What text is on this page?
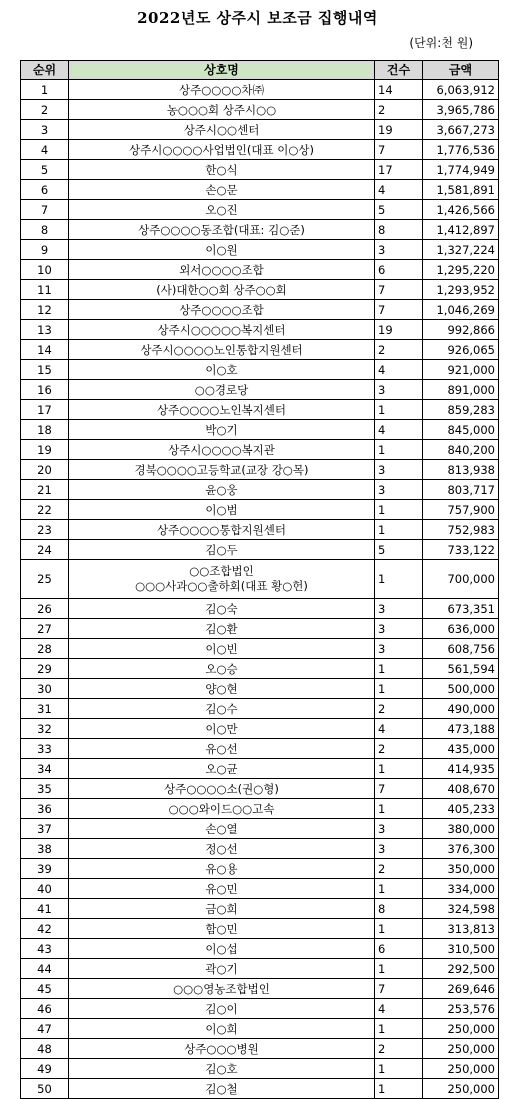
2022년도 상주시 보조금 집행내역
(단위:천 원)
순위	상호명	건수	금액
1	상주○○○○차㈜	14	6,063,912
2	농○○○회 상주시○○	2	3,965,786
3	상주시○○센터	19	3,667,273
4	상주시○○○○사업법인(대표 이○상)	7	1,776,536
5	한○식	17	1,774,949
6	손○문	4	1,581,891
7	오○진	5	1,426,566
8	상주○○○○동조합(대표: 김○준)	8	1,412,897
9	이○원	3	1,327,224
10	외서○○○○조합	6	1,295,220
11	(사)대한○○회 상주○○회	7	1,293,952
12	상주○○○○조합	7	1,046,269
13	상주시○○○○○복지센터	19	992,866
14	상주시○○○○노인통합지원센터	2	926,065
15	이○호	4	921,000
16	○○경로당	3	891,000
17	상주○○○○노인복지센터	1	859,283
18	박○기	4	845,000
19	상주시○○○○복지관	1	840,200
20	경북○○○○고등학교(교장 강○목)	3	813,938
21	윤○웅	3	803,717
22	이○범	1	757,900
23	상주○○○○통합지원센터	1	752,983
24	김○두	5	733,122
25	○○조합법인
○○○사과○○출하회(대표 황○헌)	1	700,000
26	김○숙	3	673,351
27	김○환	3	636,000
28	이○빈	3	608,756
29	오○승	1	561,594
30	양○현	1	500,000
31	김○수	2	490,000
32	이○만	4	473,188
33	유○선	2	435,000
34	오○균	1	414,935
35	상주○○○○소(권○형)	7	408,670
36	○○○와이드○○고속	1	405,233
37	손○열	3	380,000
38	정○선	3	376,300
39	유○용	2	350,000
40	유○민	1	334,000
41	금○희	8	324,598
42	함○민	1	313,813
43	이○섭	6	310,500
44	곽○기	1	292,500
45	○○○영농조합법인	7	269,646
46	김○이	4	253,576
47	이○희	1	250,000
48	상주○○○병원	2	250,000
49	김○호	1	250,000
50	김○철	1	250,000
